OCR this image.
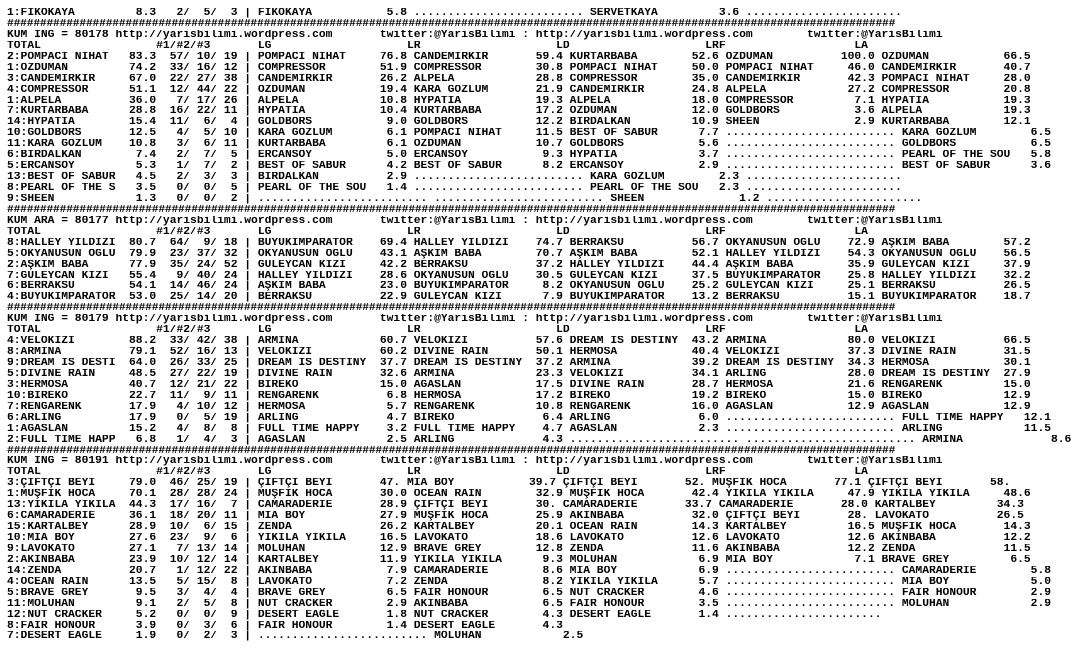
1:FIKOKAYA         8.3   2/  5/  3 | FIKOKAYA           5.8 ......................... SERVETKAYA         3.6 .......................
#######################################################################################################################################
KUM ING = 80178 http://yarisbilimi.wordpress.com       twitter:@YarisBilimi : http://yarisbilimi.wordpress.com        twitter:@YarisBilimi
TOTAL                 #1/#2/#3       LG                    LR                    LD                    LRF                   LA
2:POMPACI NİHAT   83.3  57/ 10/ 19 | POMPACI NİHAT     76.8 CANDEMİRKIR       59.4 KURTARBABA        52.6 ÖZDUMAN          100.0 ÖZDUMAN           66.5
1:ÖZDUMAN         74.2  33/ 16/ 12 | COMPRESSOR        51.9 COMPRESSOR        30.8 POMPACI NİHAT     50.0 POMPACI NİHAT     46.0 CANDEMİRKIR       40.7
3:CANDEMİRKIR     67.0  22/ 27/ 38 | CANDEMİRKIR       26.2 ALPELA            28.8 COMPRESSOR        35.0 CANDEMİRKIR       42.3 POMPACI NİHAT     28.0
4:COMPRESSOR      51.1  12/ 44/ 22 | ÖZDUMAN           19.4 KARA GÖZLÜM       21.9 CANDEMİRKIR       24.8 ALPELA            27.2 COMPRESSOR        20.8
1:ALPELA          36.0   7/ 17/ 26 | ALPELA            10.8 HYPATIA           19.3 ALPELA            18.0 COMPRESSOR         7.1 HYPATIA           19.3
7:KURTARBABA      28.8  16/ 22/ 11 | HYPATIA           10.4 KURTARBABA        17.2 ÖZDUMAN           12.0 GOLDBORS           3.6 ALPELA            19.3
14:HYPATIA        15.4  11/  6/  4 | GOLDBORS           9.0 GOLDBORS          12.2 BİRDALKAN         10.9 SHEEN              2.9 KURTARBABA        12.1
10:GOLDBORS       12.5   4/  5/ 10 | KARA GÖZLÜM        6.1 POMPACI NİHAT     11.5 BEST OF SABUR      7.7 ......................... KARA GÖZLÜM        6.5
11:KARA GÖZLÜM    10.8   3/  6/ 11 | KURTARBABA         6.1 ÖZDUMAN           10.7 GOLDBORS           5.6 ......................... GOLDBORS           6.5
6:BİRDALKAN        7.4   2/  7/  5 | ERCANSOY           5.0 ERCANSOY           9.3 HYPATIA            3.7 ......................... PEARL OF THE SOU   5.8
5:ERCANSOY         5.3   1/  7/  2 | BEST OF SABUR      4.2 BEST OF SABUR      8.2 ERCANSOY           2.9 ......................... BEST OF SABUR      3.6
13:BEST OF SABUR   4.5   2/  3/  3 | BİRDALKAN          2.9 ......................... KARA GÖZLÜM        2.3 .......................
8:PEARL OF THE S   3.5   0/  0/  5 | PEARL OF THE SOU   1.4 ......................... PEARL OF THE SOU   2.3 .......................
9:SHEEN            1.3   0/  0/  2 | ......................... ......................... SHEEN              1.2 .......................
#######################################################################################################################################
KUM ARA = 80177 http://yarisbilimi.wordpress.com       twitter:@YarisBilimi : http://yarisbilimi.wordpress.com        twitter:@YarisBilimi
TOTAL                 #1/#2/#3       LG                    LR                    LD                    LRF                   LA
8:HALLEY YILDIZI  80.7  64/  9/ 18 | BÜYÜKİMPARATOR    69.4 HALLEY YILDIZI    74.7 BERRAKSU          56.7 OKYANUSUN OĞLU    72.9 AŞKIM BABA        57.2
5:OKYANUSUN OĞLU  79.9  23/ 37/ 32 | OKYANUSUN OĞLU    43.1 AŞKIM BABA        70.7 AŞKIM BABA        52.1 HALLEY YILDIZI    54.3 OKYANUSUN OĞLU    56.5
2:AŞKIM BABA      77.9  35/ 24/ 52 | GÜLEYCAN KIZI     42.2 BERRAKSU          37.2 HALLEY YILDIZI    44.4 AŞKIM BABA        35.9 GÜLEYCAN KIZI     37.9
7:GÜLEYCAN KIZI   55.4   9/ 40/ 24 | HALLEY YILDIZI    28.6 OKYANUSUN OĞLU    30.5 GÜLEYCAN KIZI     37.5 BÜYÜKİMPARATOR    25.8 HALLEY YILDIZI    32.2
6:BERRAKSU        54.1  14/ 46/ 24 | AŞKIM BABA        23.0 BÜYÜKİMPARATOR     8.2 OKYANUSUN OĞLU    25.2 GÜLEYCAN KIZI     25.1 BERRAKSU          26.5
4:BÜYÜKİMPARATOR  53.0  25/ 14/ 20 | BERRAKSU          22.9 GÜLEYCAN KIZI      7.9 BÜYÜKİMPARATOR    13.2 BERRAKSU          15.1 BÜYÜKİMPARATOR    18.7
#######################################################################################################################################
KUM ING = 80179 http://yarisbilimi.wordpress.com       twitter:@YarisBilimi : http://yarisbilimi.wordpress.com        twitter:@YarisBilimi
TOTAL                 #1/#2/#3       LG                    LR                    LD                    LRF                   LA
4:VELOKIZI        88.2  33/ 42/ 38 | ARMINA            60.7 VELOKIZI          57.6 DREAM IS DESTINY  43.2 ARMINA            80.0 VELOKIZI          66.5
8:ARMINA          79.1  52/ 16/ 13 | VELOKIZI          60.2 DIVINE RAIN       50.1 HERMOSA           40.4 VELOKIZI          37.3 DIVINE RAIN       31.5
9:DREAM IS DESTI  64.0  26/ 33/ 25 | DREAM IS DESTINY  37.7 DREAM IS DESTINY  37.2 ARMINA            39.2 DREAM IS DESTINY  34.3 HERMOSA           30.1
5:DIVINE RAIN     48.5  27/ 22/ 19 | DIVINE RAIN       32.6 ARMINA            23.3 VELOKIZI          34.1 ARLING            28.0 DREAM IS DESTINY  27.9
3:HERMOSA         40.7  12/ 21/ 22 | BİREKO            15.0 AĞASLAN           17.5 DIVINE RAIN       28.7 HERMOSA           21.6 RENGARENK         15.0
10:BİREKO         22.7  11/  9/ 11 | RENGARENK          6.8 HERMOSA           17.2 BİREKO            19.2 BİREKO            15.0 BİREKO            12.9
7:RENGARENK       17.9   4/ 10/ 12 | HERMOSA            5.7 RENGARENK         10.8 RENGARENK         16.0 AĞASLAN           12.9 AĞASLAN           12.9
6:ARLING          17.9   0/  5/ 19 | ARLING             4.7 BİREKO             6.4 ARLING             6.0 ......................... FULL TIME HAPPY   12.1
1:AĞASLAN         15.2   4/  8/  8 | FULL TIME HAPPY    3.2 FULL TIME HAPPY    4.7 AĞASLAN            2.3 ......................... ARLING            11.5
2:FULL TIME HAPP   6.8   1/  4/  3 | AĞASLAN            2.5 ARLING             4.3 ......................... ......................... ARMINA             8.6
#######################################################################################################################################
KUM ING = 80191 http://yarisbilimi.wordpress.com       twitter:@YarisBilimi : http://yarisbilimi.wordpress.com        twitter:@YarisBilimi
TOTAL                 #1/#2/#3       LG                    LR                    LD                    LRF                   LA
3:ÇİFTÇİ BEYİ     79.0  46/ 25/ 19 | ÇİFTÇİ BEYİ       47. MIA BOY           39.7 ÇİFTÇİ BEYİ       52. MÜŞFİK HOCA       77.1 ÇİFTÇİ BEYİ       58.
1:MÜŞFİK HOCA     70.1  28/ 28/ 24 | MÜŞFİK HOCA       30.0 OCEAN RAIN        32.9 MÜŞFİK HOCA       42.4 YIKILA YIKILA     47.9 YIKILA YIKILA     48.6
13:YIKILA YIKILA  44.3  17/ 16/  7 | CAMARADERIE       28.9 ÇİFTÇİ BEYİ       30. CAMARADERIE       33.7 CAMARADERIE       28.0 KARTALBEY         34.3
6:CAMARADERIE     36.1  18/ 20/ 11 | MIA BOY           27.9 MÜŞFİK HOCA       25.9 AKINBABA          32.0 ÇİFTÇİ BEYİ       28. LAVOKATO          26.5
15:KARTALBEY      28.9  10/  6/ 15 | ZENDA             26.2 KARTALBEY         20.1 OCEAN RAIN        14.3 KARTALBEY         16.5 MÜŞFİK HOCA       14.3
10:MIA BOY        27.6  23/  9/  6 | YIKILA YIKILA     16.5 LAVOKATO          18.6 LAVOKATO          12.6 LAVOKATO          12.6 AKINBABA          12.2
9:LAVOKATO        27.1   7/ 13/ 14 | MOLUHAN           12.9 BRAVE GREY        12.8 ZENDA             11.6 AKINBABA          12.2 ZENDA             11.5
2:AKINBABA        23.9  10/ 12/ 14 | KARTALBEY         11.9 YIKILA YIKILA      9.3 MOLUHAN            6.9 MIA BOY            7.1 BRAVE GREY         6.5
14:ZENDA          20.7   1/ 12/ 22 | AKINBABA           7.9 CAMARADERIE        8.6 MIA BOY            6.9 ......................... CAMARADERIE        5.8
4:OCEAN RAIN      13.5   5/ 15/  8 | LAVOKATO           7.2 ZENDA              8.2 YIKILA YIKILA      5.7 ......................... MIA BOY            5.0
5:BRAVE GREY       9.5   3/  4/  4 | BRAVE GREY         6.5 FAIR HONOUR        6.5 NUT CRACKER        4.6 ......................... FAIR HONOUR        2.9
11:MOLUHAN         9.1   2/  5/  8 | NUT CRACKER        2.9 AKINBABA           6.5 FAIR HONOUR        3.5 ......................... MOLUHAN            2.9
12:NUT CRACKER     5.2   0/  0/  9 | DESERT EAGLE       1.8 NUT CRACKER        4.3 DESERT EAGLE       1.4 .......................
8:FAIR HONOUR      3.9   0/  3/  6 | FAIR HONOUR        1.4 DESERT EAGLE       4.3
7:DESERT EAGLE     1.9   0/  2/  3 | ......................... MOLUHAN            2.5
